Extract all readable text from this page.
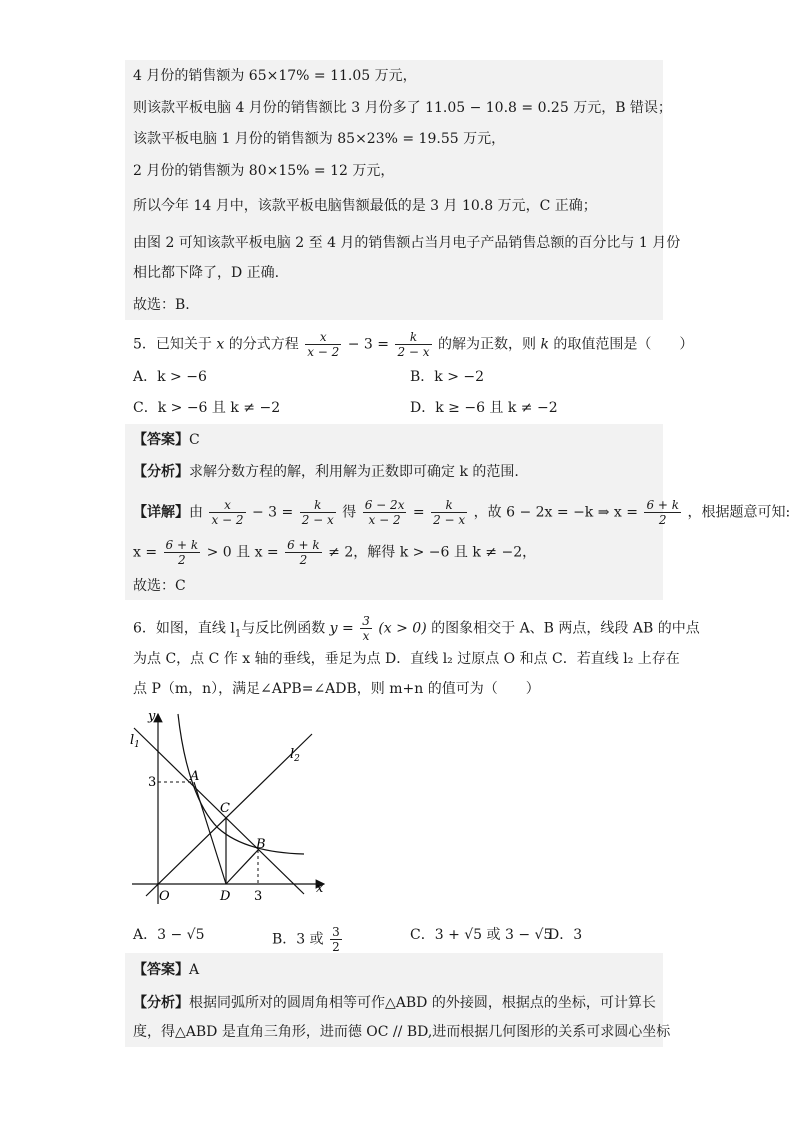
4 月份的销售额为 65×17% = 11.05 万元，
则该款平板电脑 4 月份的销售额比 3 月份多了 11.05 − 10.8 = 0.25 万元，B 错误；
该款平板电脑 1 月份的销售额为 85×23% = 19.55 万元，
2 月份的销售额为 80×15% = 12 万元，
所以今年 14 月中，该款平板电脑售额最低的是 3 月 10.8 万元，C 正确；
由图 2 可知该款平板电脑 2 至 4 月的销售额占当月电子产品销售总额的百分比与 1 月份
相比都下降了，D 正确.
故选：B.
5．已知关于 x 的分式方程 $\frac{x}{x - 2} - 3 = \frac{k}{2 - x}$ 的解为正数，则 k 的取值范围是（　　）
A．k > −6	B．k > −2
C．k > −6 且 k ≠ −2	D．k ≥ −6 且 k ≠ −2
【答案】C
【分析】求解分数方程的解，利用解为正数即可确定 k 的范围.
【详解】由 $\frac{x}{x - 2} - 3 = \frac{k}{2 - x}$ 得 $\frac{6 - 2x}{x - 2} = \frac{k}{2 - x}$ ，故 6 − 2x = −k ⇒ $x = \frac{6 + k}{2}$ ，根据题意可知:
$x = \frac{6 + k}{2} > 0$ 且 $x = \frac{6 + k}{2} \ne 2$，解得 k > −6 且 k ≠ −2，
故选：C
6．如图，直线 $l_1$与反比例函数 $y = \frac{3}{x} (x > 0)$ 的图象相交于 A、B 两点，线段 AB 的中点
为点 C，点 C 作 x 轴的垂线，垂足为点 D．直线 l₂ 过原点 O 和点 C．若直线 l₂ 上存在
点 P（m，n），满足∠APB=∠ADB，则 m+n 的值可为（　　）
y
x
O	D
A
B
C
3
3
$l_1$
$l_2$
A．3 − √5	B．3 或 $\frac{3}{2}$	C．3 + √5 或 3 − √5
D．3
【答案】A
【分析】根据同弧所对的圆周角相等可作△ABD 的外接圆，根据点的坐标，可计算长
度，得△ABD 是直角三角形，进而德 OC // BD,进而根据几何图形的关系可求圆心坐标
